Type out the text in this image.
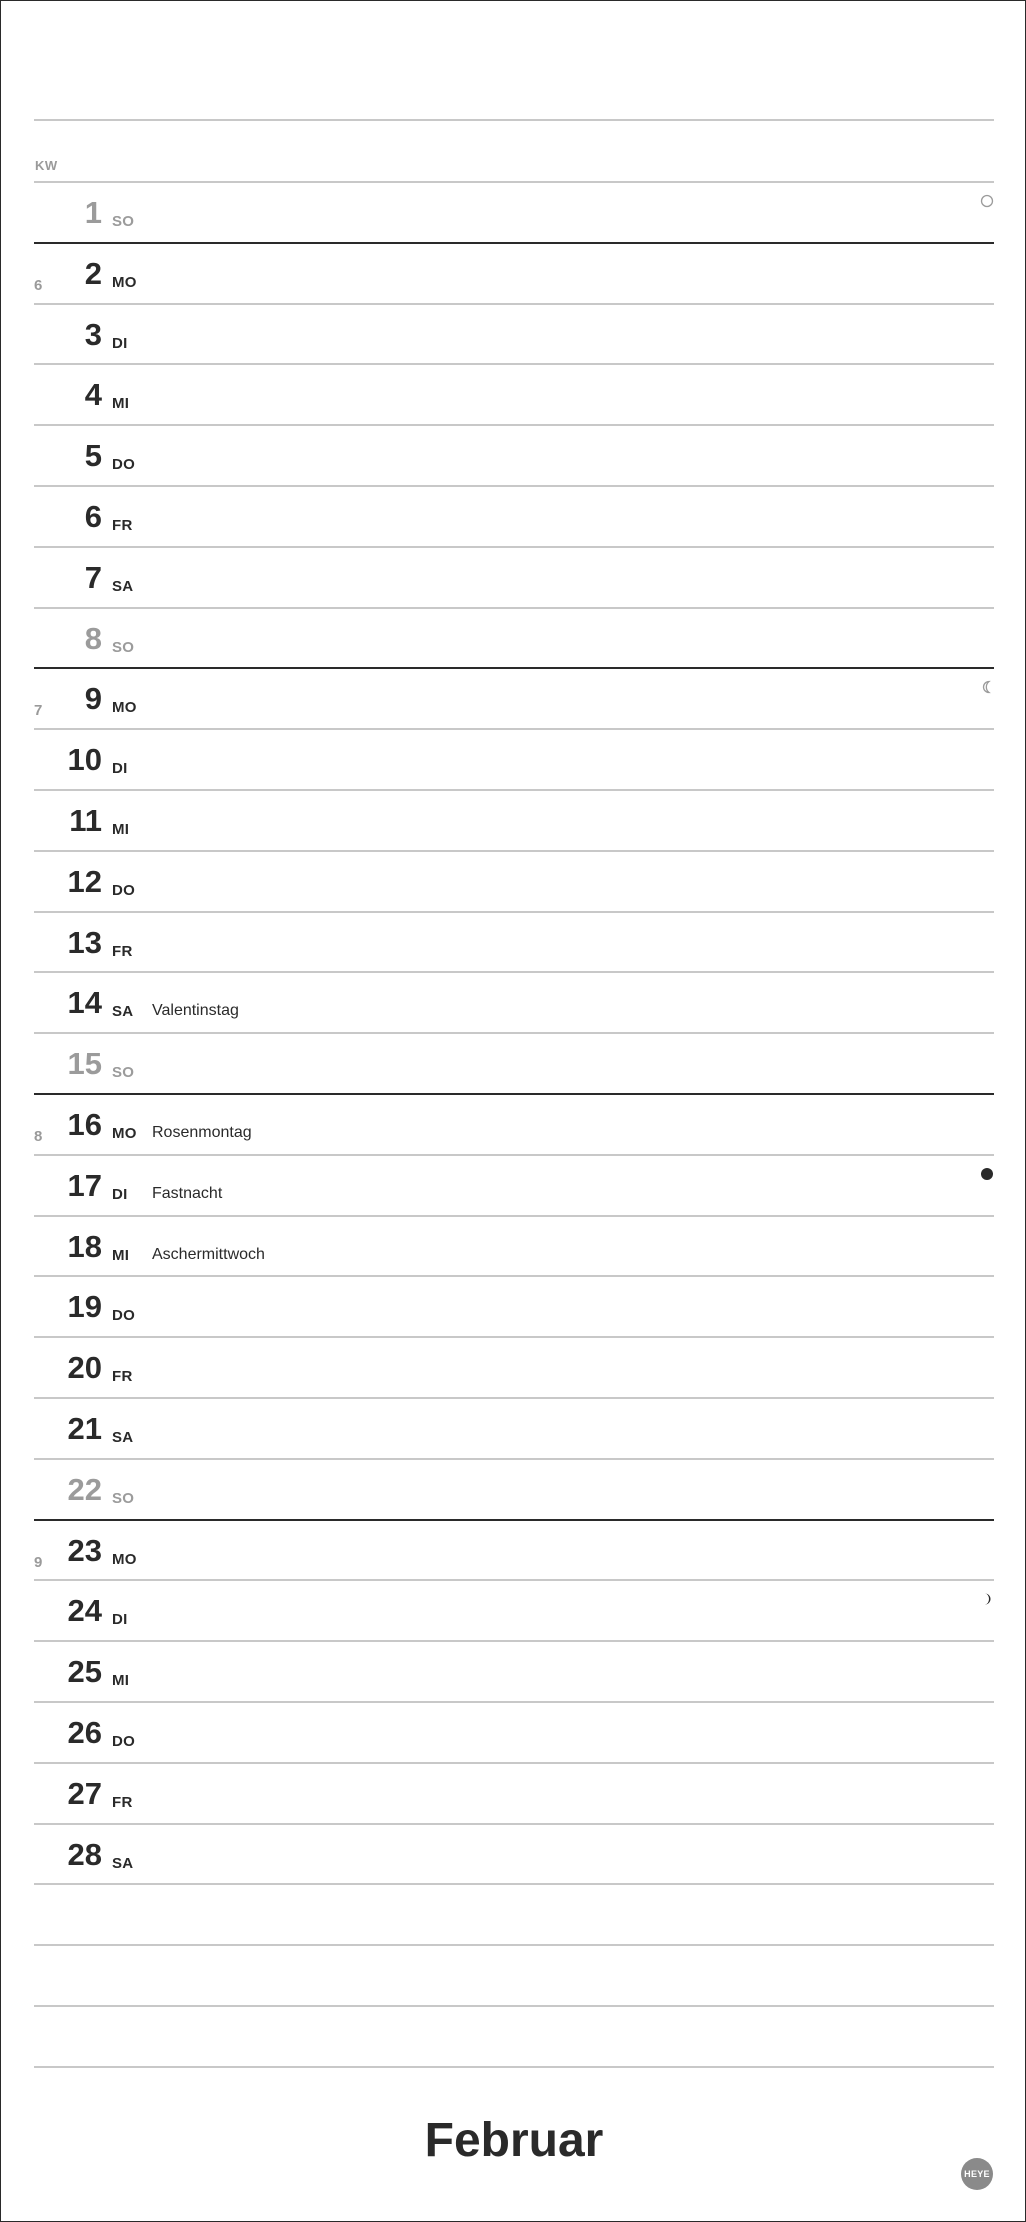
KW
Februar
HEYE
1 SO
6 2 MO
3 DI
4 MI
5 DO
6 FR
7 SA
8 SO
7 9 MO
10 DI
11 MI
12 DO
13 FR
14 SA Valentinstag
15 SO
8 16 MO Rosenmontag
17 DI Fastnacht
18 MI Aschermittwoch
19 DO
20 FR
21 SA
22 SO
9 23 MO
24 DI
25 MI
26 DO
27 FR
28 SA
